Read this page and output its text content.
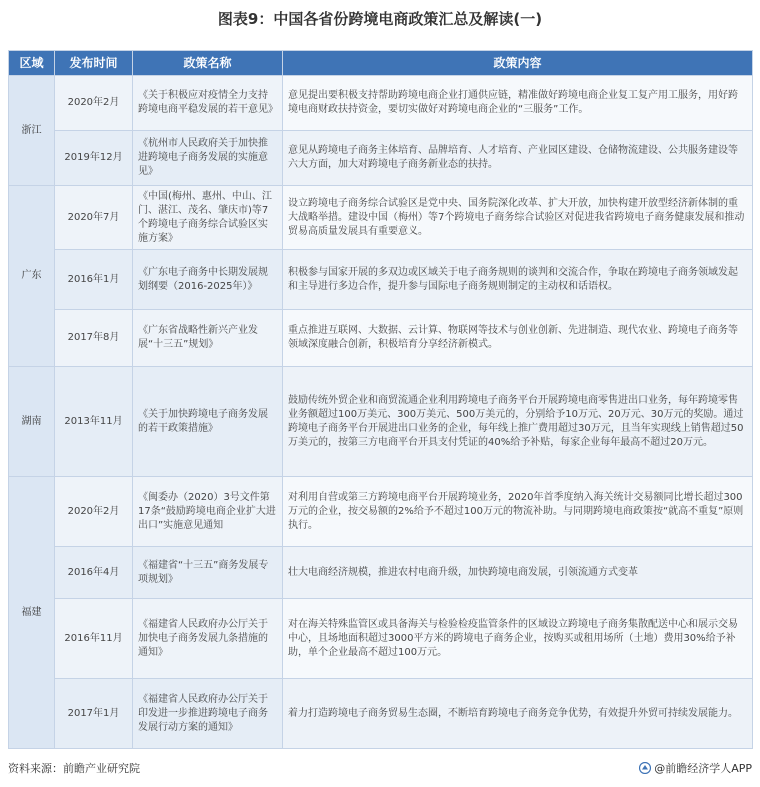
图表9：中国各省份跨境电商政策汇总及解读(一)
区域	发布时间	政策名称	政策内容
浙江	2020年2月	《关于积极应对疫情全力支持跨境电商平稳发展的若干意见》	意见提出要积极支持帮助跨境电商企业打通供应链，精准做好跨境电商企业复工复产用工服务，用好跨境电商财政扶持资金，要切实做好对跨境电商企业的“三服务”工作。
	2019年12月	《杭州市人民政府关于加快推进跨境电子商务发展的实施意见》	意见从跨境电子商务主体培育、品牌培育、人才培育、产业园区建设、仓储物流建设、公共服务建设等六大方面，加大对跨境电子商务新业态的扶持。
广东	2020年7月	《中国(梅州、惠州、中山、江门、湛江、茂名、肇庆市)等7个跨境电子商务综合试验区实施方案》	设立跨境电子商务综合试验区是党中央、国务院深化改革、扩大开放，加快构建开放型经济新体制的重大战略举措。建设中国（梅州）等7个跨境电子商务综合试验区对促进我省跨境电子商务健康发展和推动贸易高质量发展具有重要意义。
	2016年1月	《广东电子商务中长期发展规划纲要（2016-2025年）》	积极参与国家开展的多双边或区域关于电子商务规则的谈判和交流合作，争取在跨境电子商务领域发起和主导进行多边合作，提升参与国际电子商务规则制定的主动权和话语权。
	2017年8月	《广东省战略性新兴产业发展“十三五”规划》	重点推进互联网、大数据、云计算、物联网等技术与创业创新、先进制造、现代农业、跨境电子商务等领域深度融合创新，积极培育分享经济新模式。
湖南	2013年11月	《关于加快跨境电子商务发展的若干政策措施》	鼓励传统外贸企业和商贸流通企业利用跨境电子商务平台开展跨境电商零售进出口业务，每年跨境零售业务额超过100万美元、300万美元、500万美元的，分别给予10万元、20万元、30万元的奖励。通过跨境电子商务平台开展进出口业务的企业，每年线上推广费用超过30万元，且当年实现线上销售超过50万美元的，按第三方电商平台开具支付凭证的40%给予补贴，每家企业每年最高不超过20万元。
福建	2020年2月	《闽委办（2020）3号文件第17条“鼓励跨境电商企业扩大进出口”实施意见通知	对利用自营或第三方跨境电商平台开展跨境业务，2020年首季度纳入海关统计交易额同比增长超过300万元的企业，按交易额的2%给予不超过100万元的物流补助。与同期跨境电商政策按“就高不重复”原则执行。
	2016年4月	《福建省“十三五”商务发展专项规划》	壮大电商经济规模，推进农村电商升级，加快跨境电商发展，引领流通方式变革
	2016年11月	《福建省人民政府办公厅关于加快电子商务发展九条措施的通知》	对在海关特殊监管区或具备海关与检验检疫监管条件的区域设立跨境电子商务集散配送中心和展示交易中心，且场地面积超过3000平方米的跨境电子商务企业，按购买或租用场所（土地）费用30%给予补助，单个企业最高不超过100万元。
	2017年1月	《福建省人民政府办公厅关于印发进一步推进跨境电子商务发展行动方案的通知》	着力打造跨境电子商务贸易生态圈，不断培育跨境电子商务竞争优势，有效提升外贸可持续发展能力。
资料来源：前瞻产业研究院	@前瞻经济学人APP
